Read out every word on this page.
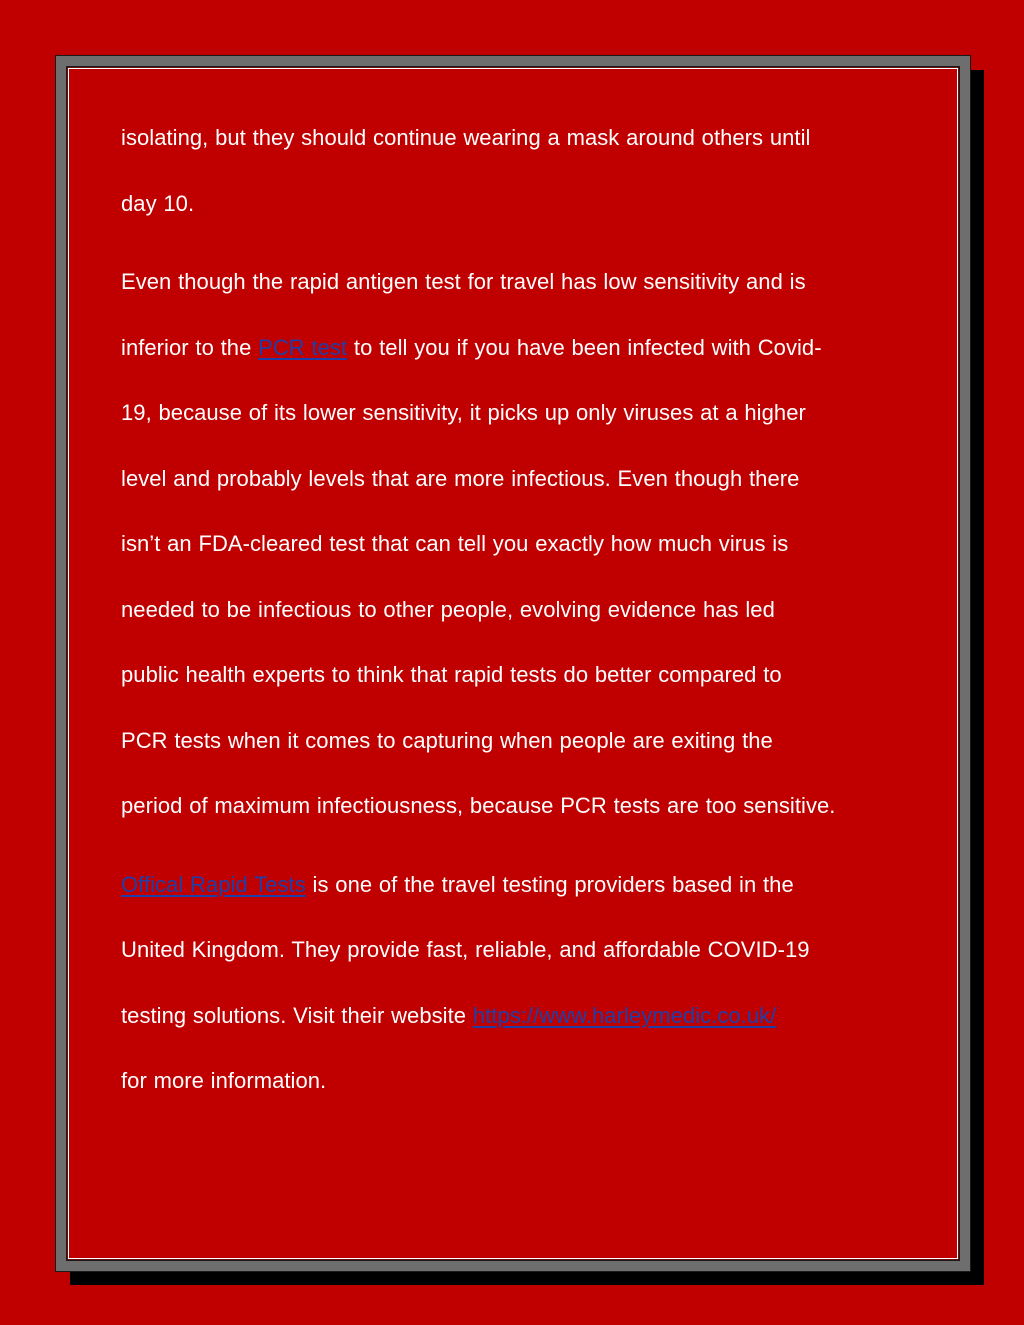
isolating, but they should continue wearing a mask around others until
day 10.

Even though the rapid antigen test for travel has low sensitivity and is
inferior to the PCR test to tell you if you have been infected with Covid-
19, because of its lower sensitivity, it picks up only viruses at a higher
level and probably levels that are more infectious. Even though there
isn’t an FDA-cleared test that can tell you exactly how much virus is
needed to be infectious to other people, evolving evidence has led
public health experts to think that rapid tests do better compared to
PCR tests when it comes to capturing when people are exiting the
period of maximum infectiousness, because PCR tests are too sensitive.

Offical Rapid Tests is one of the travel testing providers based in the
United Kingdom. They provide fast, reliable, and affordable COVID-19
testing solutions. Visit their website https://www.harleymedic.co.uk/
for more information.
